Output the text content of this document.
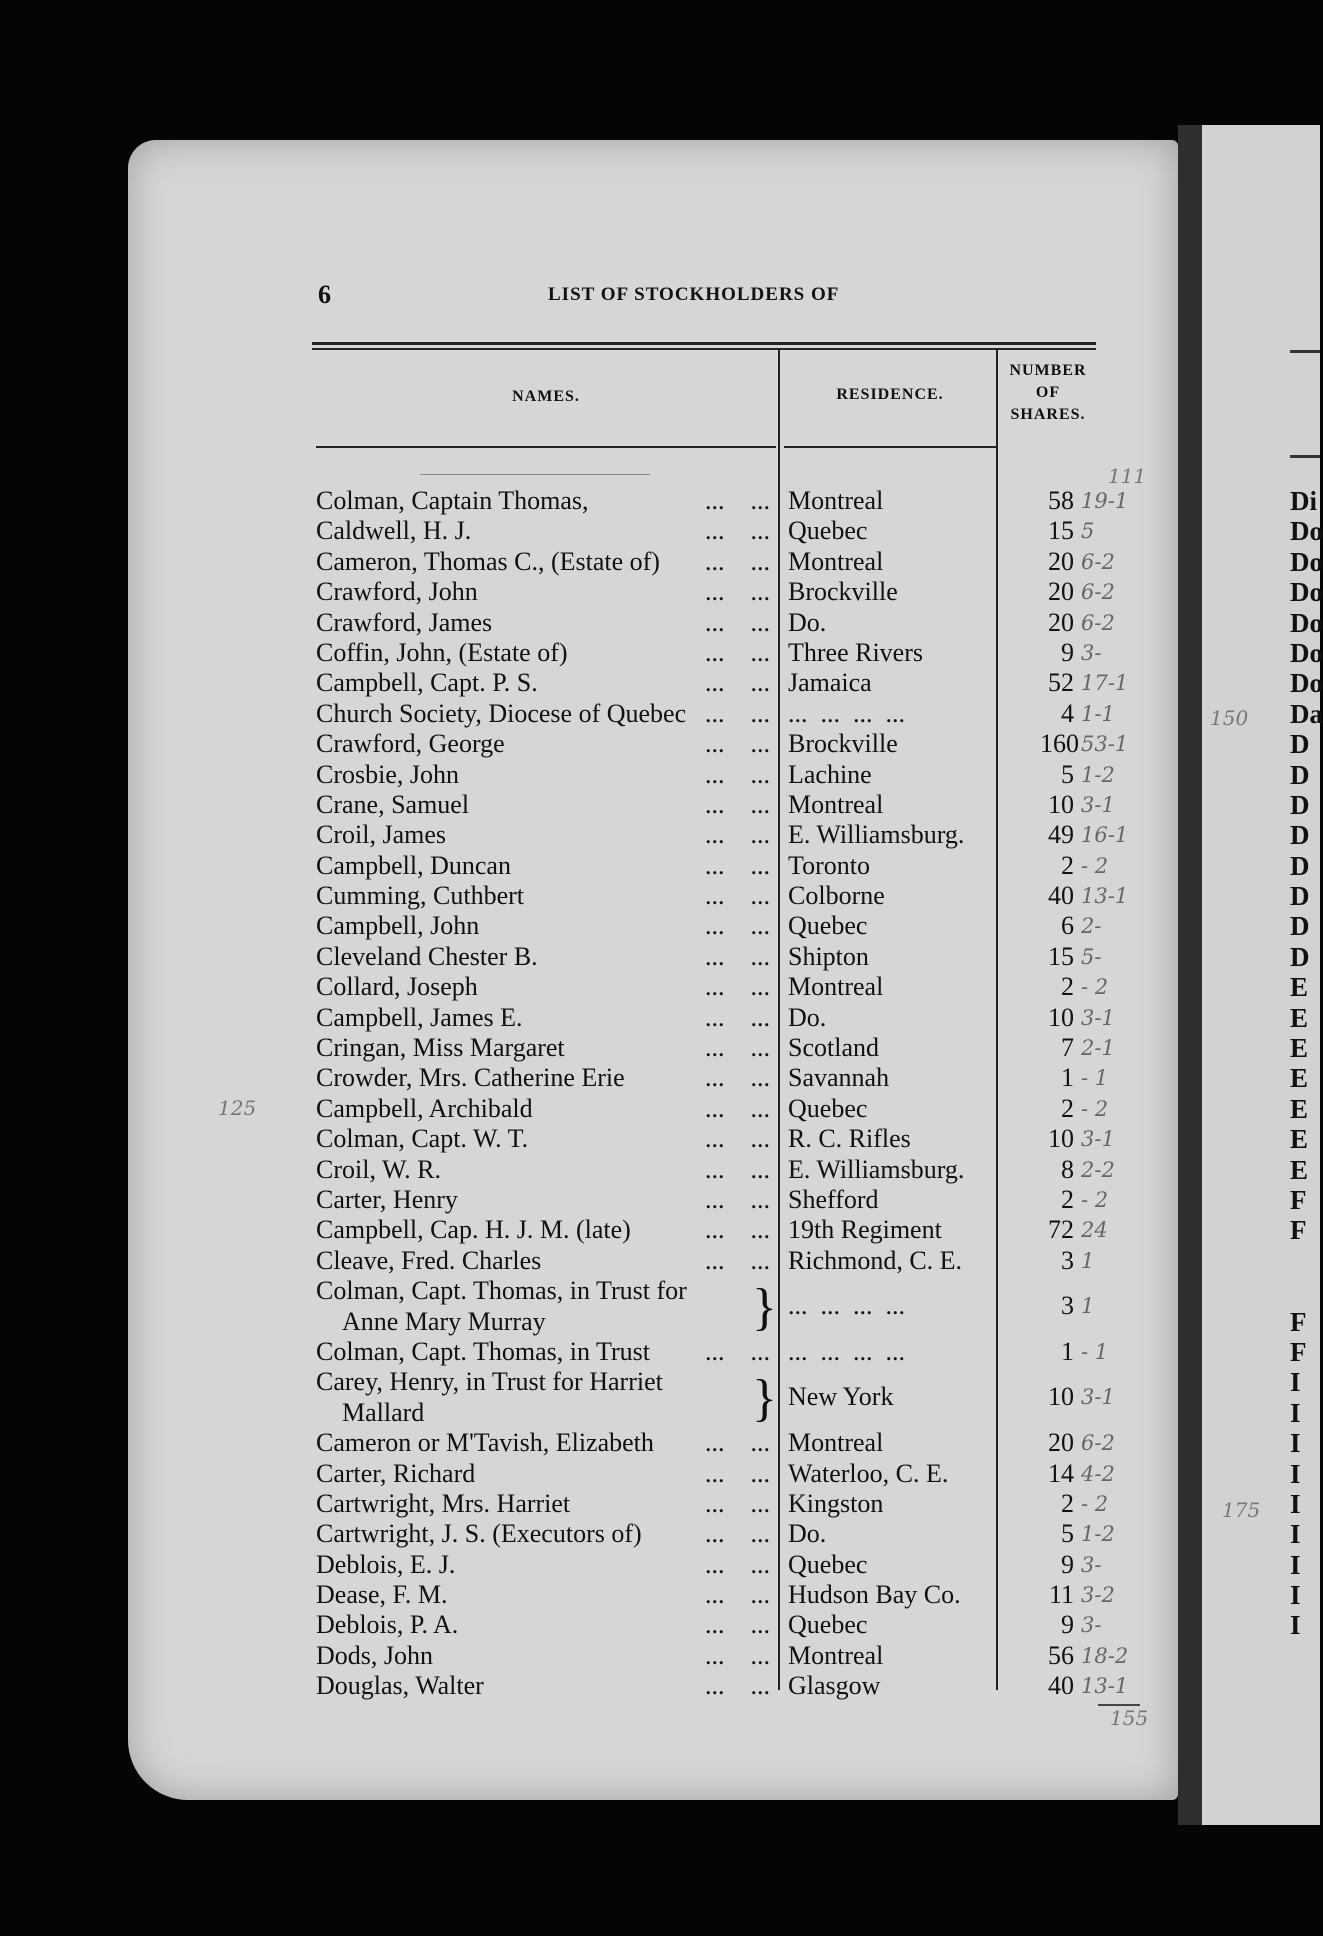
Di
Do
Do
Do
Do
Do
Do
Da
D
D
D
D
D
D
D
D
E
E
E
E
E
E
E
F
F
F
F
I
I
I
I
I
I
I
I
I
6	LIST OF STOCKHOLDERS OF
NAMES.	RESIDENCE.
NUMBER
OF
SHARES.
Colman, Captain Thomas,	...    ... Montreal	58 19-1
Caldwell, H. J.	...    ... Quebec	15 5
Cameron, Thomas C., (Estate of) ...    ... Montreal	20 6-2
Crawford, John	...    ... Brockville	20 6-2
Crawford, James	...    ... Do.	20 6-2
Coffin, John, (Estate of)	...    ... Three Rivers	9 3-
Campbell, Capt. P. S.	...    ... Jamaica	52 17-1
Church Society, Diocese of Quebec ...    ... ...  ...  ...  ...	4 1-1
Crawford, George	...    ... Brockville	160 53-1
Crosbie, John	...    ... Lachine	5 1-2
Crane, Samuel	...    ... Montreal	10 3-1
Croil, James	...    ... E. Williamsburg.	49 16-1
Campbell, Duncan	...    ... Toronto	2 - 2
Cumming, Cuthbert	...    ... Colborne	40 13-1
Campbell, John	...    ... Quebec	6 2-
Cleveland Chester B.	...    ... Shipton	15 5-
Collard, Joseph	...    ... Montreal	2 - 2
Campbell, James E.	...    ... Do.	10 3-1
Cringan, Miss Margaret	...    ... Scotland	7 2-1
Crowder, Mrs. Catherine Erie	...    ... Savannah	1 - 1
Campbell, Archibald	...    ... Quebec	2 - 2
Colman, Capt. W. T.	...    ... R. C. Rifles	10 3-1
Croil, W. R.	...    ... E. Williamsburg.	8 2-2
Carter, Henry	...    ... Shefford	2 - 2
Campbell, Cap. H. J. M. (late) ...    ... 19th Regiment	72 24
Cleave, Fred. Charles	...    ... Richmond, C. E.	3 1
Colman, Capt. Thomas, in Trust for
Anne Mary Murray	} ...  ...  ...  ...	3 1
Colman, Capt. Thomas, in Trust ...    ... ...  ...  ...  ...	1 - 1
Carey, Henry, in Trust for Harriet
Mallard	} New York	10 3-1
Cameron or M'Tavish, Elizabeth ...    ... Montreal	20 6-2
Carter, Richard	...    ... Waterloo, C. E.	14 4-2
Cartwright, Mrs. Harriet	...    ... Kingston	2 - 2
Cartwright, J. S. (Executors of) ...    ... Do.	5 1-2
Deblois, E. J.	...    ... Quebec	9 3-
Dease, F. M.	...    ... Hudson Bay Co.	11 3-2
Deblois, P. A.	...    ... Quebec	9 3-
Dods, John	...    ... Montreal	56 18-2
Douglas, Walter	...    ... Glasgow	40 13-1
125
111
150
175
155
